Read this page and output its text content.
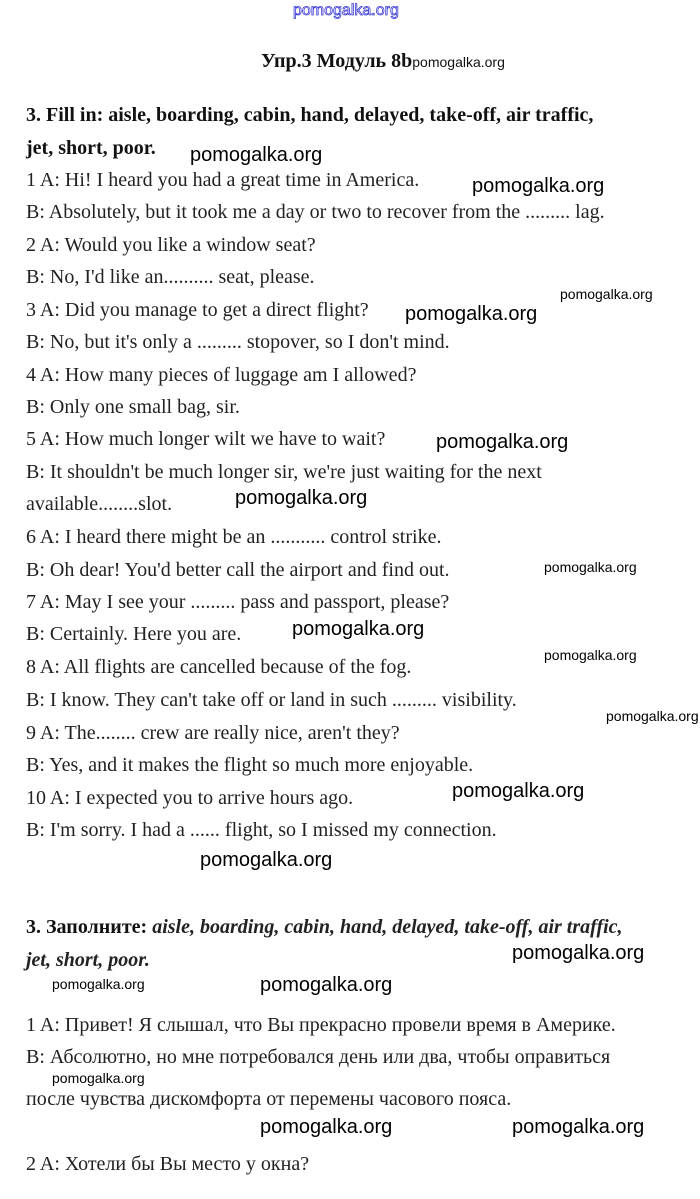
pomogalka.org
Упр.3 Модуль 8bpomogalka.org
3. Fill in: aisle, boarding, cabin, hand, delayed, take-off, air traffic,
jet, short, poor.
1 A: Hi! I heard you had a great time in America.
B: Absolutely, but it took me a day or two to recover from the ......... lag.
2 A: Would you like a window seat?
B: No, I'd like an.......... seat, please.
3 A: Did you manage to get a direct flight?
B: No, but it's only a ......... stopover, so I don't mind.
4 A: How many pieces of luggage am I allowed?
B: Only one small bag, sir.
5 A: How much longer wilt we have to wait?
B: It shouldn't be much longer sir, we're just waiting for the next
available........slot.
6 A: I heard there might be an ........... control strike.
B: Oh dear! You'd better call the airport and find out.
7 A: May I see your ......... pass and passport, please?
B: Certainly. Here you are.
8 A: All flights are cancelled because of the fog.
B: I know. They can't take off or land in such ......... visibility.
9 A: The........ crew are really nice, aren't they?
B: Yes, and it makes the flight so much more enjoyable.
10 A: I expected you to arrive hours ago.
B: I'm sorry. I had a ...... flight, so I missed my connection.
3. Заполните: aisle, boarding, cabin, hand, delayed, take-off, air traffic,
jet, short, poor.
1 A: Привет! Я слышал, что Вы прекрасно провели время в Америке.
B: Абсолютно, но мне потребовался день или два, чтобы оправиться
после чувства дискомфорта от перемены часового пояса.
2 A: Хотели бы Вы место у окна?
pomogalka.org
pomogalka.org
pomogalka.org
pomogalka.org
pomogalka.org
pomogalka.org
pomogalka.org
pomogalka.org
pomogalka.org
pomogalka.org
pomogalka.org
pomogalka.org
pomogalka.org
pomogalka.org	pomogalka.org
pomogalka.org
pomogalka.org	pomogalka.org
